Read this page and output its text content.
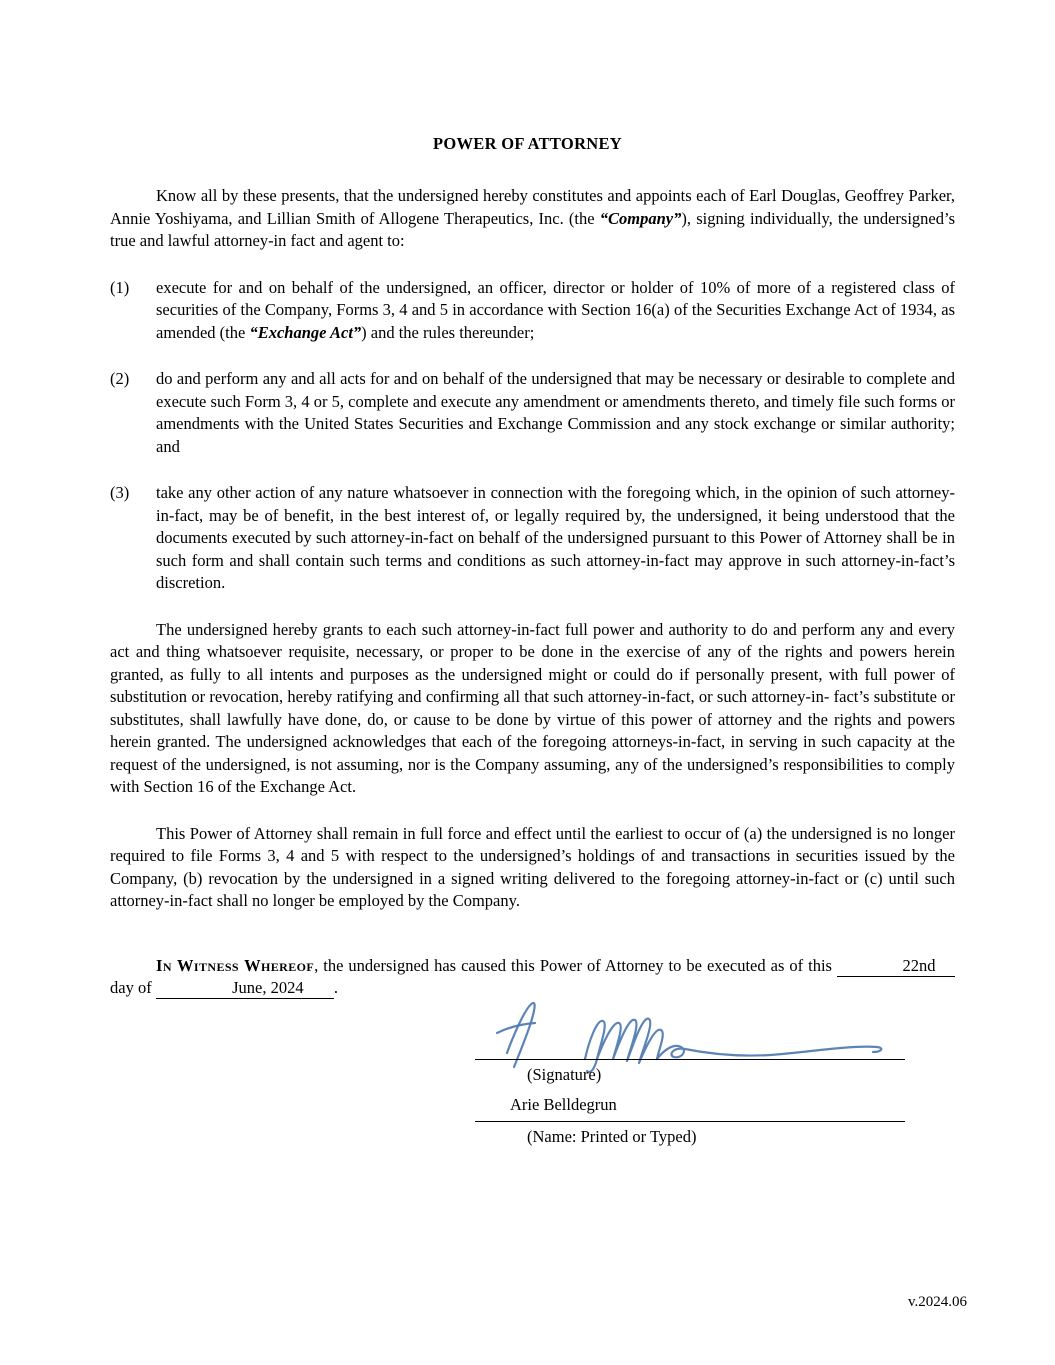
POWER OF ATTORNEY

Know all by these presents, that the undersigned hereby constitutes and appoints each of Earl Douglas, Geoffrey Parker, Annie Yoshiyama, and Lillian Smith of Allogene Therapeutics, Inc. (the “Company”), signing individually, the undersigned’s true and lawful attorney-in fact and agent to:

(1)	execute for and on behalf of the undersigned, an officer, director or holder of 10% of more of a registered class of securities of the Company, Forms 3, 4 and 5 in accordance with Section 16(a) of the Securities Exchange Act of 1934, as amended (the “Exchange Act”) and the rules thereunder;
(2)	do and perform any and all acts for and on behalf of the undersigned that may be necessary or desirable to complete and execute such Form 3, 4 or 5, complete and execute any amendment or amendments thereto, and timely file such forms or amendments with the United States Securities and Exchange Commission and any stock exchange or similar authority; and
(3)	take any other action of any nature whatsoever in connection with the foregoing which, in the opinion of such attorney-in-fact, may be of benefit, in the best interest of, or legally required by, the undersigned, it being understood that the documents executed by such attorney-in-fact on behalf of the undersigned pursuant to this Power of Attorney shall be in such form and shall contain such terms and conditions as such attorney-in-fact may approve in such attorney-in-fact’s discretion.

The undersigned hereby grants to each such attorney-in-fact full power and authority to do and perform any and every act and thing whatsoever requisite, necessary, or proper to be done in the exercise of any of the rights and powers herein granted, as fully to all intents and purposes as the undersigned might or could do if personally present, with full power of substitution or revocation, hereby ratifying and confirming all that such attorney-in-fact, or such attorney-in- fact’s substitute or substitutes, shall lawfully have done, do, or cause to be done by virtue of this power of attorney and the rights and powers herein granted. The undersigned acknowledges that each of the foregoing attorneys-in-fact, in serving in such capacity at the request of the undersigned, is not assuming, nor is the Company assuming, any of the undersigned’s responsibilities to comply with Section 16 of the Exchange Act.

This Power of Attorney shall remain in full force and effect until the earliest to occur of (a) the undersigned is no longer required to file Forms 3, 4 and 5 with respect to the undersigned’s holdings of and transactions in securities issued by the Company, (b) revocation by the undersigned in a signed writing delivered to the foregoing attorney-in-fact or (c) until such attorney-in-fact shall no longer be employed by the Company.

In Witness Whereof, the undersigned has caused this Power of Attorney to be executed as of this	22nd day of	June, 2024 .

(Signature)
Arie Belldegrun
(Name: Printed or Typed)
v.2024.06
